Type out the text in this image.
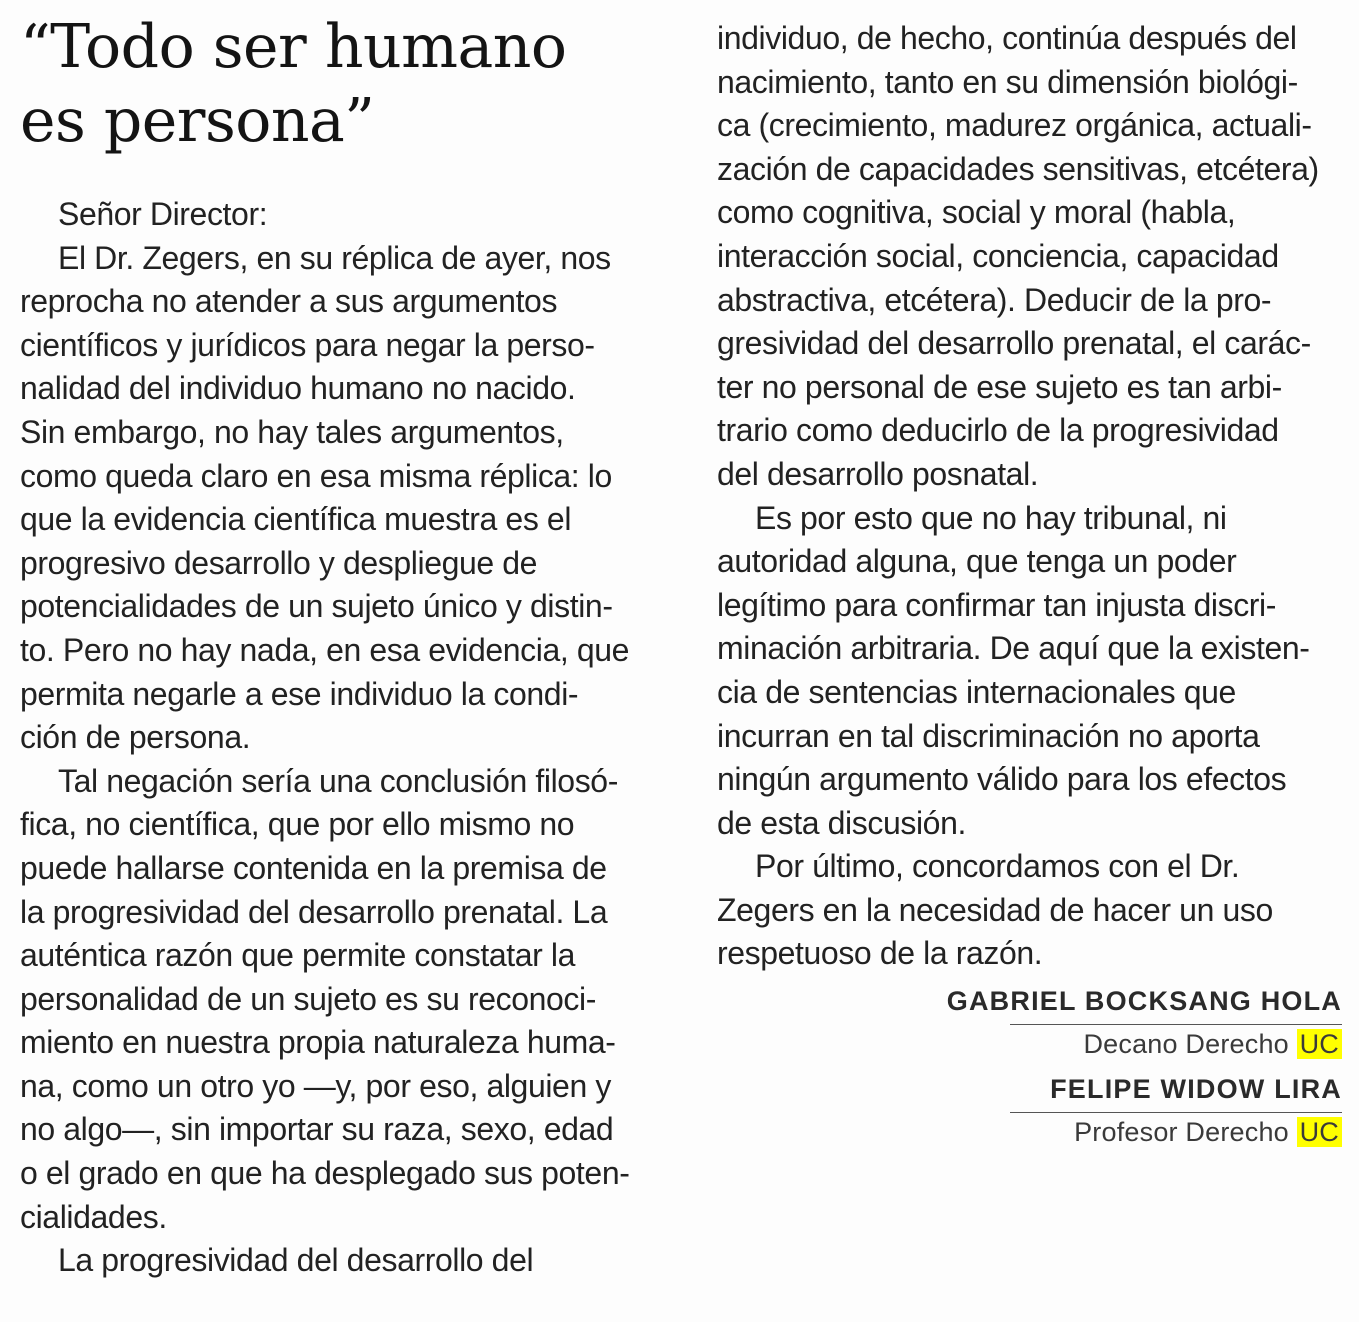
“Todo ser humano
es persona”
Señor Director:
El Dr. Zegers, en su réplica de ayer, nos
reprocha no atender a sus argumentos
científicos y jurídicos para negar la perso-
nalidad del individuo humano no nacido.
Sin embargo, no hay tales argumentos,
como queda claro en esa misma réplica: lo
que la evidencia científica muestra es el
progresivo desarrollo y despliegue de
potencialidades de un sujeto único y distin-
to. Pero no hay nada, en esa evidencia, que
permita negarle a ese individuo la condi-
ción de persona.
Tal negación sería una conclusión filosó-
fica, no científica, que por ello mismo no
puede hallarse contenida en la premisa de
la progresividad del desarrollo prenatal. La
auténtica razón que permite constatar la
personalidad de un sujeto es su reconoci-
miento en nuestra propia naturaleza huma-
na, como un otro yo —y, por eso, alguien y
no algo—, sin importar su raza, sexo, edad
o el grado en que ha desplegado sus poten-
cialidades.
La progresividad del desarrollo del
individuo, de hecho, continúa después del
nacimiento, tanto en su dimensión biológi-
ca (crecimiento, madurez orgánica, actuali-
zación de capacidades sensitivas, etcétera)
como cognitiva, social y moral (habla,
interacción social, conciencia, capacidad
abstractiva, etcétera). Deducir de la pro-
gresividad del desarrollo prenatal, el carác-
ter no personal de ese sujeto es tan arbi-
trario como deducirlo de la progresividad
del desarrollo posnatal.
Es por esto que no hay tribunal, ni
autoridad alguna, que tenga un poder
legítimo para confirmar tan injusta discri-
minación arbitraria. De aquí que la existen-
cia de sentencias internacionales que
incurran en tal discriminación no aporta
ningún argumento válido para los efectos
de esta discusión.
Por último, concordamos con el Dr.
Zegers en la necesidad de hacer un uso
respetuoso de la razón.
GABRIEL BOCKSANG HOLA
Decano Derecho UC
FELIPE WIDOW LIRA
Profesor Derecho UC
